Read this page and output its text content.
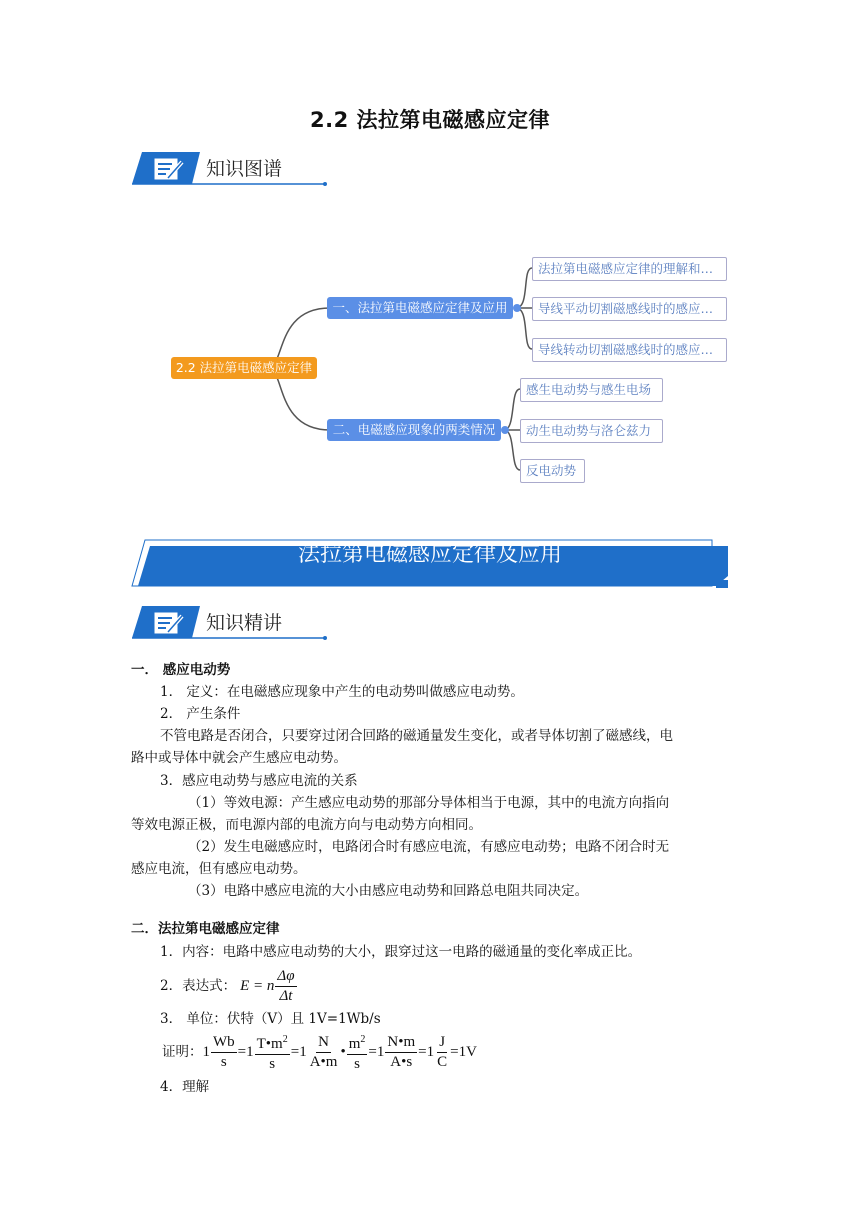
2.2 法拉第电磁感应定律
知识图谱
2.2 法拉第电磁感应定律
一、法拉第电磁感应定律及应用
二、电磁感应现象的两类情况
法拉第电磁感应定律的理解和…
导线平动切割磁感线时的感应…
导线转动切割磁感线时的感应…
感生电动势与感生电场
动生电动势与洛仑兹力
反电动势
法拉第电磁感应定律及应用
知识精讲
一． 感应电动势
1． 定义：在电磁感应现象中产生的电动势叫做感应电动势。
2． 产生条件
不管电路是否闭合，只要穿过闭合回路的磁通量发生变化，或者导体切割了磁感线，电
路中或导体中就会产生感应电动势。
3．感应电动势与感应电流的关系
（1）等效电源：产生感应电动势的那部分导体相当于电源，其中的电流方向指向
等效电源正极，而电源内部的电流方向与电动势方向相同。
（2）发生电磁感应时，电路闭合时有感应电流，有感应电动势；电路不闭合时无
感应电流，但有感应电动势。
（3）电路中感应电流的大小由感应电动势和回路总电阻共同决定。
二．法拉第电磁感应定律
1．内容：电路中感应电动势的大小，跟穿过这一电路的磁通量的变化率成正比。
2．表达式： E = n $\frac{\Delta\varphi}{\Delta t}$
3． 单位：伏特（V）且 1V=1Wb/s
证明： $1 \frac{Wb}{s} =1 \frac{T•m^2}{s} =1 \frac{N}{A•m}$ • $\frac{m^2}{s} =1 \frac{N•m}{A•s} =1 \frac{J}{C} =1V$
4．理解
